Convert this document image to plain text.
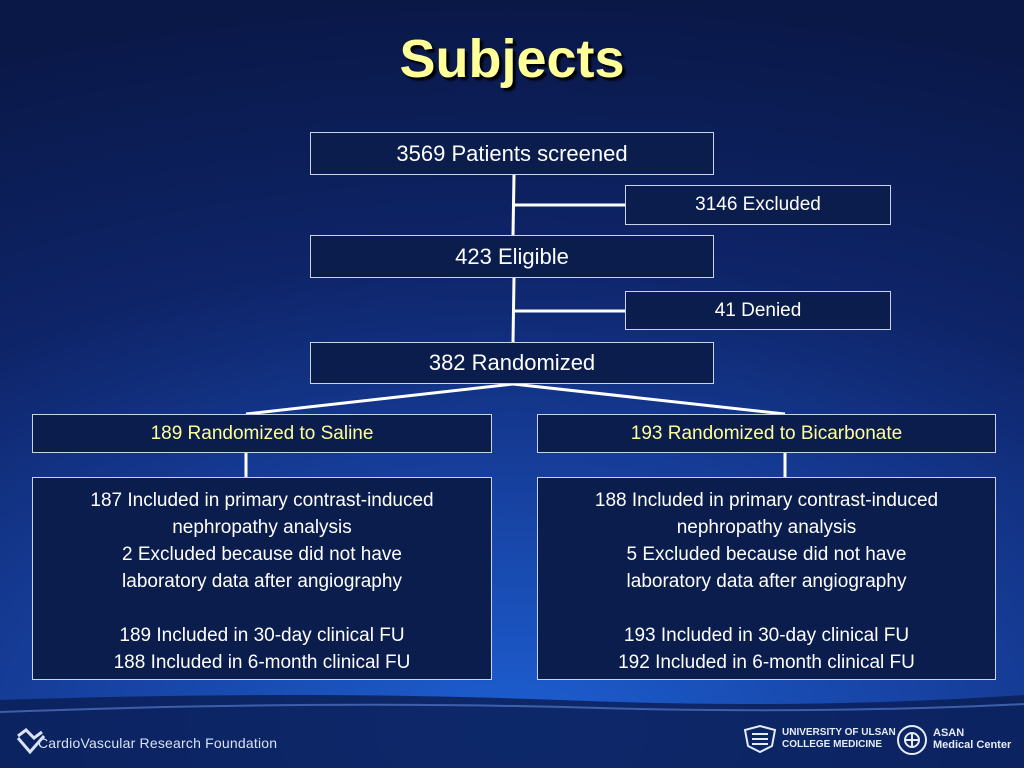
Subjects
3569 Patients screened
3146 Excluded
423 Eligible
41 Denied
382 Randomized
189 Randomized to Saline	193 Randomized to Bicarbonate
187 Included in primary contrast-induced
nephropathy analysis
2 Excluded because did not have
laboratory data after angiography
189 Included in 30-day clinical FU
188 Included in 6-month clinical FU
188 Included in primary contrast-induced
nephropathy analysis
5 Excluded because did not have
laboratory data after angiography
193 Included in 30-day clinical FU
192 Included in 6-month clinical FU
CardioVascular Research Foundation
UNIVERSITY OF ULSAN
COLLEGE MEDICINE
ASAN
Medical Center
